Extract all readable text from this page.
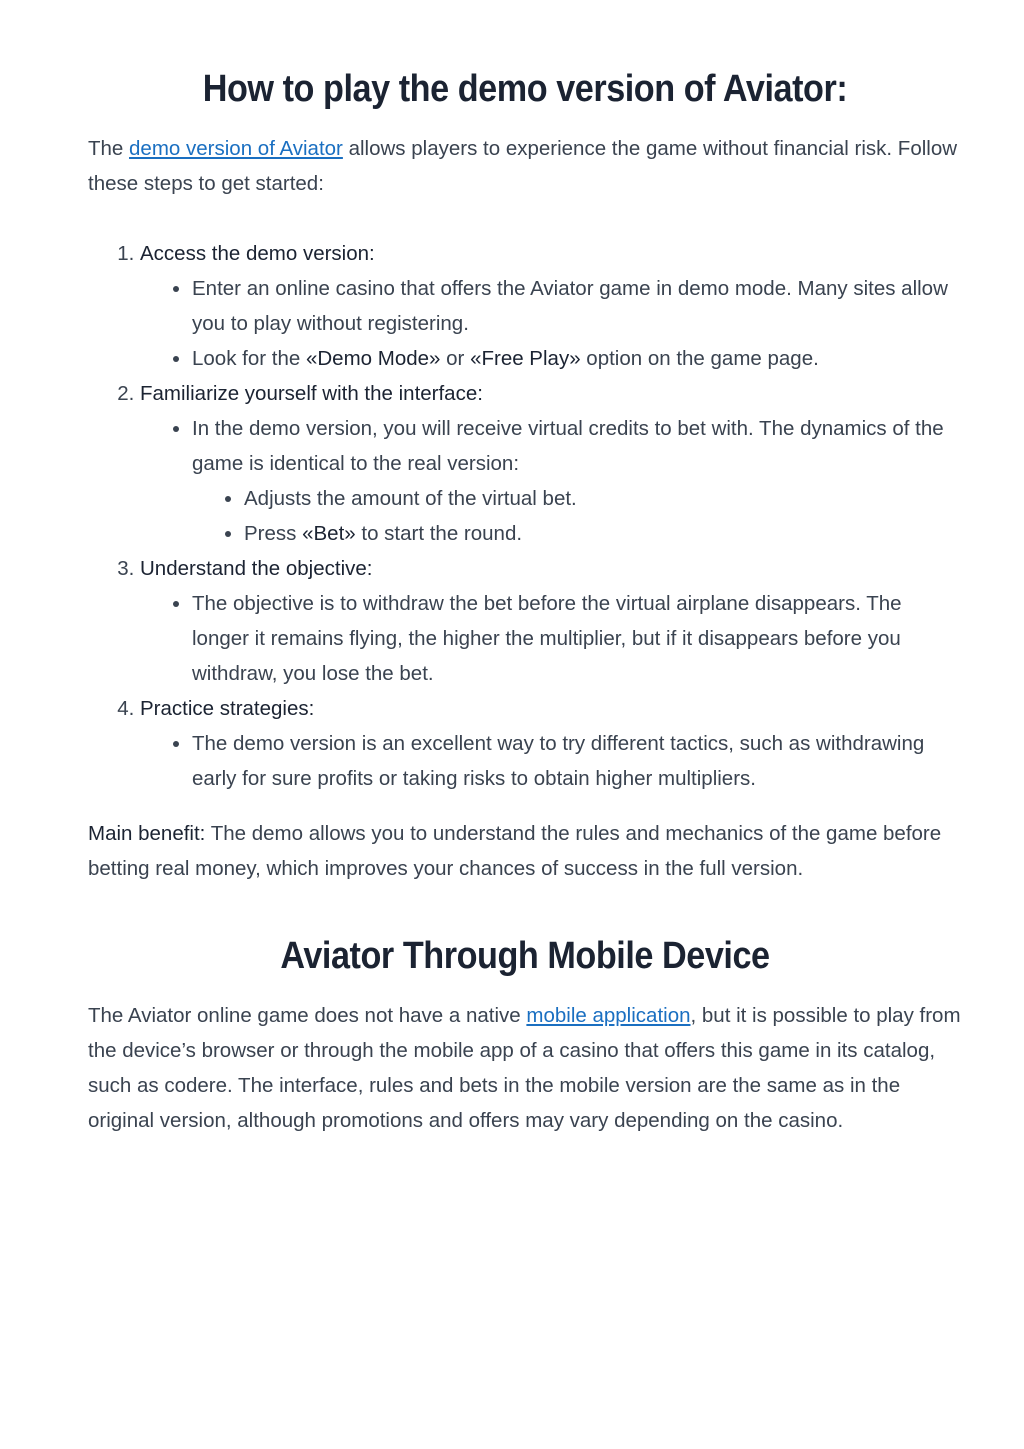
How to play the demo version of Aviator:

The demo version of Aviator allows players to experience the game without financial risk. Follow these steps to get started:

1. Access the demo version:
• Enter an online casino that offers the Aviator game in demo mode. Many sites allow you to play without registering.
• Look for the «Demo Mode» or «Free Play» option on the game page.
2. Familiarize yourself with the interface:
• In the demo version, you will receive virtual credits to bet with. The dynamics of the game is identical to the real version:
• Adjusts the amount of the virtual bet.
• Press «Bet» to start the round.
3. Understand the objective:
• The objective is to withdraw the bet before the virtual airplane disappears. The longer it remains flying, the higher the multiplier, but if it disappears before you withdraw, you lose the bet.
4. Practice strategies:
• The demo version is an excellent way to try different tactics, such as withdrawing early for sure profits or taking risks to obtain higher multipliers.

Main benefit: The demo allows you to understand the rules and mechanics of the game before betting real money, which improves your chances of success in the full version.

Aviator Through Mobile Device

The Aviator online game does not have a native mobile application, but it is possible to play from the device’s browser or through the mobile app of a casino that offers this game in its catalog, such as codere. The interface, rules and bets in the mobile version are the same as in the original version, although promotions and offers may vary depending on the casino.
